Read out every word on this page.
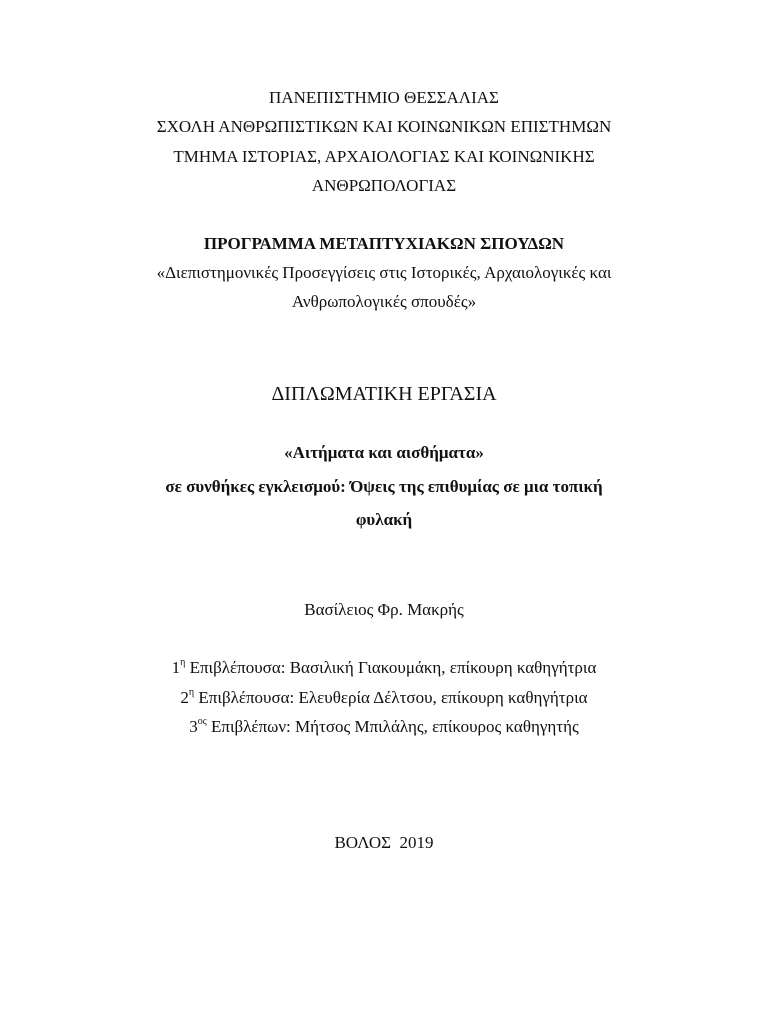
ΠΑΝΕΠΙΣΤΗΜΙΟ ΘΕΣΣΑΛΙΑΣ
ΣΧΟΛΗ ΑΝΘΡΩΠΙΣΤΙΚΩΝ ΚΑΙ ΚΟΙΝΩΝΙΚΩΝ ΕΠΙΣΤΗΜΩΝ
ΤΜΗΜΑ ΙΣΤΟΡΙΑΣ, ΑΡΧΑΙΟΛΟΓΙΑΣ ΚΑΙ ΚΟΙΝΩΝΙΚΗΣ
ΑΝΘΡΩΠΟΛΟΓΙΑΣ
ΠΡΟΓΡΑΜΜΑ ΜΕΤΑΠΤΥΧΙΑΚΩΝ ΣΠΟΥΔΩΝ
«Διεπιστημονικές Προσεγγίσεις στις Ιστορικές, Αρχαιολογικές και
Ανθρωπολογικές σπουδές»
ΔΙΠΛΩΜΑΤΙΚΗ ΕΡΓΑΣΙΑ
«Αιτήματα και αισθήματα»
σε συνθήκες εγκλεισμού: Όψεις της επιθυμίας σε μια τοπική
φυλακή
Βασίλειος Φρ. Μακρής
$1^\eta$ Επιβλέπουσα: Βασιλική Γιακουμάκη, επίκουρη καθηγήτρια
$2^\eta$ Επιβλέπουσα: Ελευθερία Δέλτσου, επίκουρη καθηγήτρια
$3^{o\varsigma}$ Επιβλέπων: Μήτσος Μπιλάλης, επίκουρος καθηγητής
ΒΟΛΟΣ  2019
